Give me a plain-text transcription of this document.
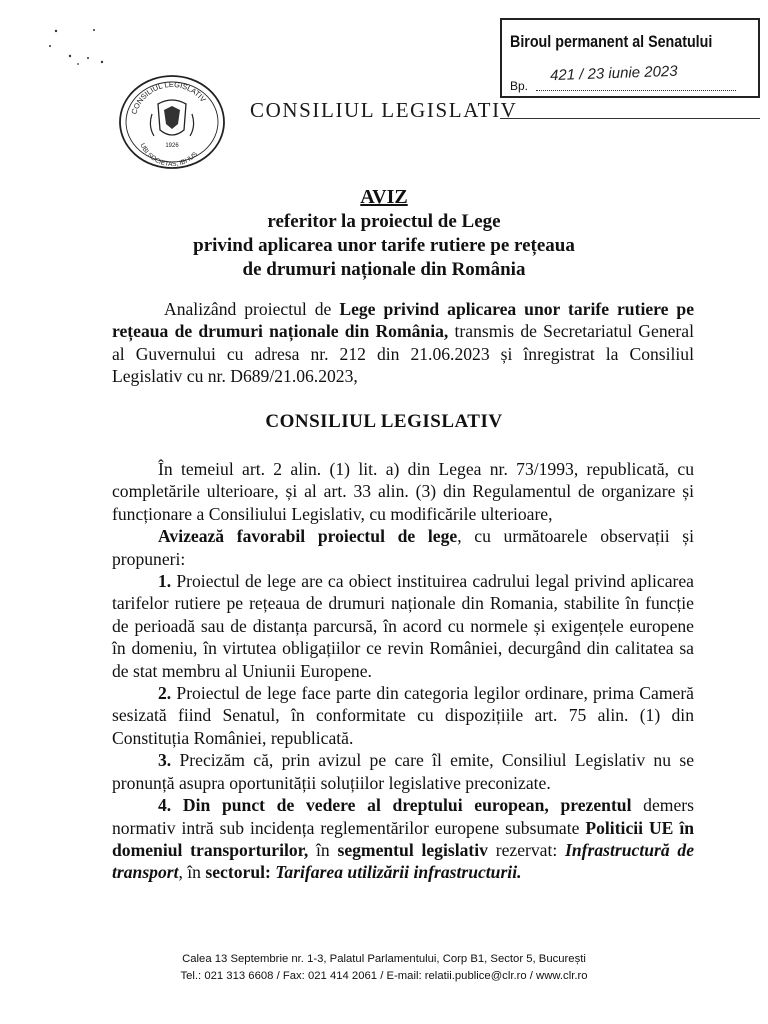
CONSILIUL LEGISLATIV
UBI SOCIETAS, IBI IUS
1926
CONSILIUL LEGISLATIV
Biroul permanent al Senatului
421 / 23 iunie 2023
Bp.
AVIZ
referitor la proiectul de Lege
privind aplicarea unor tarife rutiere pe rețeaua
de drumuri naționale din România
Analizând proiectul de Lege privind aplicarea unor tarife rutiere pe rețeaua de drumuri naționale din România, transmis de Secretariatul General al Guvernului cu adresa nr. 212 din 21.06.2023 și înregistrat la Consiliul Legislativ cu nr. D689/21.06.2023,
CONSILIUL LEGISLATIV

În temeiul art. 2 alin. (1) lit. a) din Legea nr. 73/1993, republicată, cu completările ulterioare, și al art. 33 alin. (3) din Regulamentul de organizare și funcționare a Consiliului Legislativ, cu modificările ulterioare,

Avizează favorabil proiectul de lege, cu următoarele observații și propuneri:

1. Proiectul de lege are ca obiect instituirea cadrului legal privind aplicarea tarifelor rutiere pe rețeaua de drumuri naționale din Romania, stabilite în funcție de perioadă sau de distanța parcursă, în acord cu normele și exigențele europene în domeniu, în virtutea obligațiilor ce revin României, decurgând din calitatea sa de stat membru al Uniunii Europene.

2. Proiectul de lege face parte din categoria legilor ordinare, prima Cameră sesizată fiind Senatul, în conformitate cu dispozițiile art. 75 alin. (1) din Constituția României, republicată.

3. Precizăm că, prin avizul pe care îl emite, Consiliul Legislativ nu se pronunță asupra oportunității soluțiilor legislative preconizate.

4. Din punct de vedere al dreptului european, prezentul demers normativ intră sub incidența reglementărilor europene subsumate Politicii UE în domeniul transporturilor, în segmentul legislativ rezervat: Infrastructură de transport, în sectorul: Tarifarea utilizării infrastructurii.

Calea 13 Septembrie nr. 1-3, Palatul Parlamentului, Corp B1, Sector 5, București
Tel.: 021 313 6608 / Fax: 021 414 2061 / E-mail: relatii.publice@clr.ro / www.clr.ro
